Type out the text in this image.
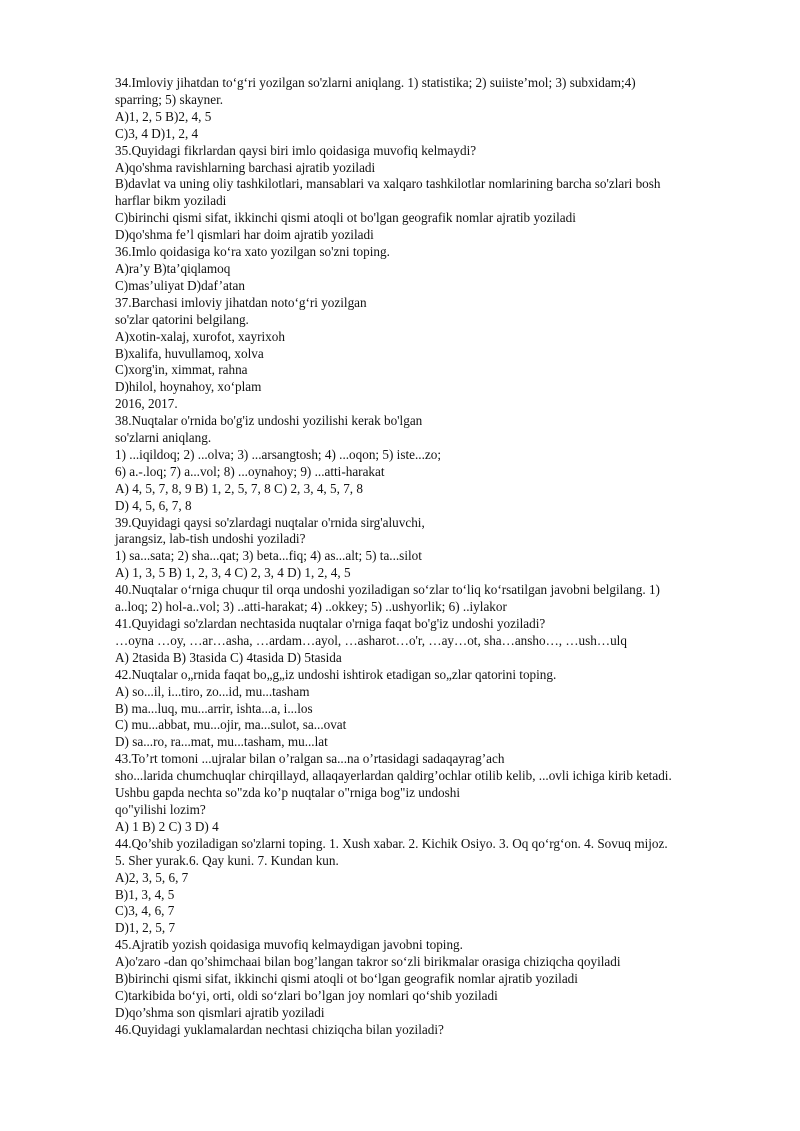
34.Imloviy jihatdan to‘g‘ri yozilgan so'zlarni aniqlang. 1) statistika; 2) suiiste’mol; 3) subxidam;4)
sparring; 5) skayner.
A)1, 2, 5 B)2, 4, 5
C)3, 4 D)1, 2, 4
35.Quyidagi fikrlardan qaysi biri imlo qoidasiga muvofiq kelmaydi?
A)qo'shma ravishlarning barchasi ajratib yoziladi
B)davlat va uning oliy tashkilotlari, mansablari va xalqaro tashkilotlar nomlarining barcha so'zlari bosh
harflar bikm yoziladi
C)birinchi qismi sifat, ikkinchi qismi atoqli ot bo'lgan geografik nomlar ajratib yoziladi
D)qo'shma fe’l qismlari har doim ajratib yoziladi
36.Imlo qoidasiga ko‘ra xato yozilgan so'zni toping.
A)ra’y B)ta’qiqlamoq
C)mas’uliyat D)daf’atan
37.Barchasi imloviy jihatdan noto‘g‘ri yozilgan
so'zlar qatorini belgilang.
A)xotin-xalaj, xurofot, xayrixoh
B)xalifa, huvullamoq, xolva
C)xorg'in, ximmat, rahna
D)hilol, hoynahoy, xo‘plam
2016, 2017.
38.Nuqtalar o'rnida bo'g'iz undoshi yozilishi kerak bo'lgan
so'zlarni aniqlang.
1) ...iqildoq; 2) ...olva; 3) ...arsangtosh; 4) ...oqon; 5) iste...zo;
6) a.-.loq; 7) a...vol; 8) ...oynahoy; 9) ...atti-harakat
A) 4, 5, 7, 8, 9 B) 1, 2, 5, 7, 8 C) 2, 3, 4, 5, 7, 8
D) 4, 5, 6, 7, 8
39.Quyidagi qaysi so'zlardagi nuqtalar o'rnida sirg'aluvchi,
jarangsiz, lab-tish undoshi yoziladi?
1) sa...sata; 2) sha...qat; 3) beta...fiq; 4) as...alt; 5) ta...silot
A) 1, 3, 5 B) 1, 2, 3, 4 C) 2, 3, 4 D) 1, 2, 4, 5
40.Nuqtalar o‘rniga chuqur til orqa undoshi yoziladigan so‘zlar to‘liq ko‘rsatilgan javobni belgilang. 1)
a..loq; 2) hol-a..vol; 3) ..atti-harakat; 4) ..okkey; 5) ..ushyorlik; 6) ..iylakor
41.Quyidagi so'zlardan nechtasida nuqtalar o'rniga faqat bo'g'iz undoshi yoziladi?
…oyna …oy, …ar…asha, …ardam…ayol, …asharot…o'r, …ay…ot, sha…ansho…, …ush…ulq
A) 2tasida B) 3tasida C) 4tasida D) 5tasida
42.Nuqtalar o„rnida faqat bo„g„iz undoshi ishtirok etadigan so„zlar qatorini toping.
A) so...il, i...tiro, zo...id, mu...tasham
B) ma...luq, mu...arrir, ishta...a, i...los
C) mu...abbat, mu...ojir, ma...sulot, sa...ovat
D) sa...ro, ra...mat, mu...tasham, mu...lat
43.To’rt tomoni ...ujralar bilan o’ralgan sa...na o’rtasidagi sadaqayrag’ach
sho...larida chumchuqlar chirqillayd, allaqayerlardan qaldirg’ochlar otilib kelib, ...ovli ichiga kirib ketadi.
Ushbu gapda nechta so"zda ko’p nuqtalar o"rniga bog"iz undoshi
qo"yilishi lozim?
A) 1 B) 2 C) 3 D) 4
44.Qo’shib yoziladigan so'zlarni toping. 1. Xush xabar. 2. Kichik Osiyo. 3. Oq qo‘rg‘on. 4. Sovuq mijoz.
5. Sher yurak.6. Qay kuni. 7. Kundan kun.
A)2, 3, 5, 6, 7
B)1, 3, 4, 5
C)3, 4, 6, 7
D)1, 2, 5, 7
45.Ajratib yozish qoidasiga muvofiq kelmaydigan javobni toping.
A)o'zaro -dan qo’shimchaai bilan bog’langan takror so‘zli birikmalar orasiga chiziqcha qoyiladi
B)birinchi qismi sifat, ikkinchi qismi atoqli ot bo‘lgan geografik nomlar ajratib yoziladi
C)tarkibida bo‘yi, orti, oldi so‘zlari bo’lgan joy nomlari qo‘shib yoziladi
D)qo’shma son qismlari ajratib yoziladi
46.Quyidagi yuklamalardan nechtasi chiziqcha bilan yoziladi?
